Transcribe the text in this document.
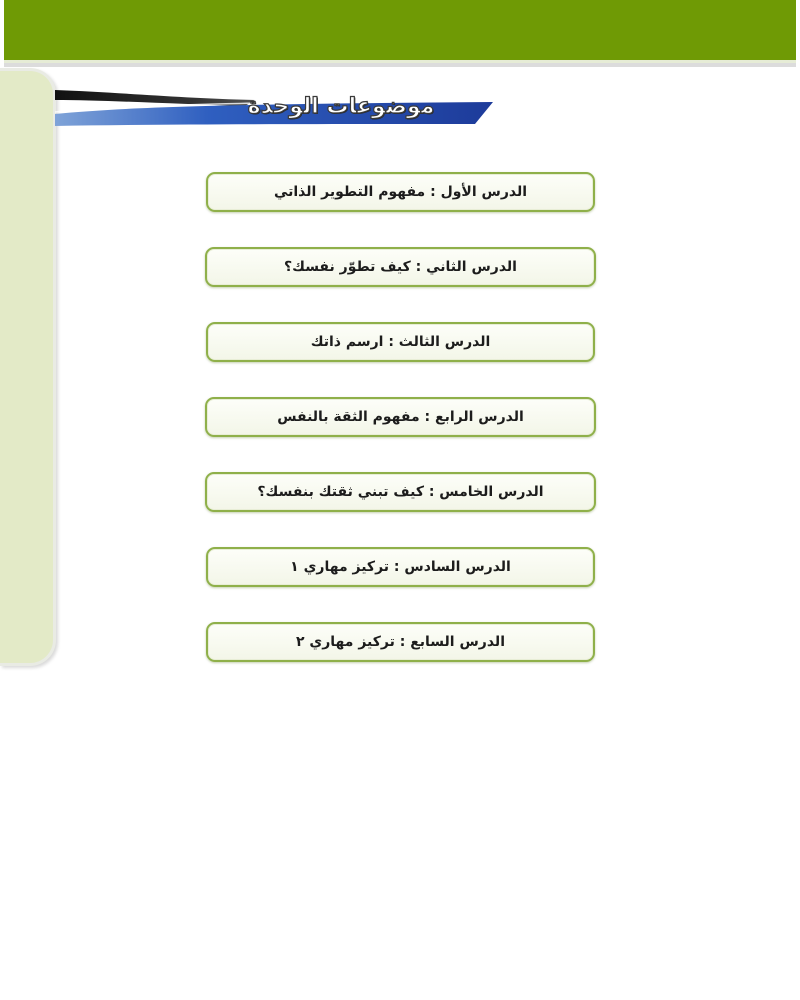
موضوعات الوحدة
الدرس الأول : مفهوم التطوير الذاتي
الدرس الثاني : كيف تطوّر نفسك؟
الدرس الثالث : ارسم ذاتك
الدرس الرابع : مفهوم الثقة بالنفس
الدرس الخامس : كيف تبني ثقتك بنفسك؟
الدرس السادس : تركيز مهاري ١
الدرس السابع : تركيز مهاري ٢
